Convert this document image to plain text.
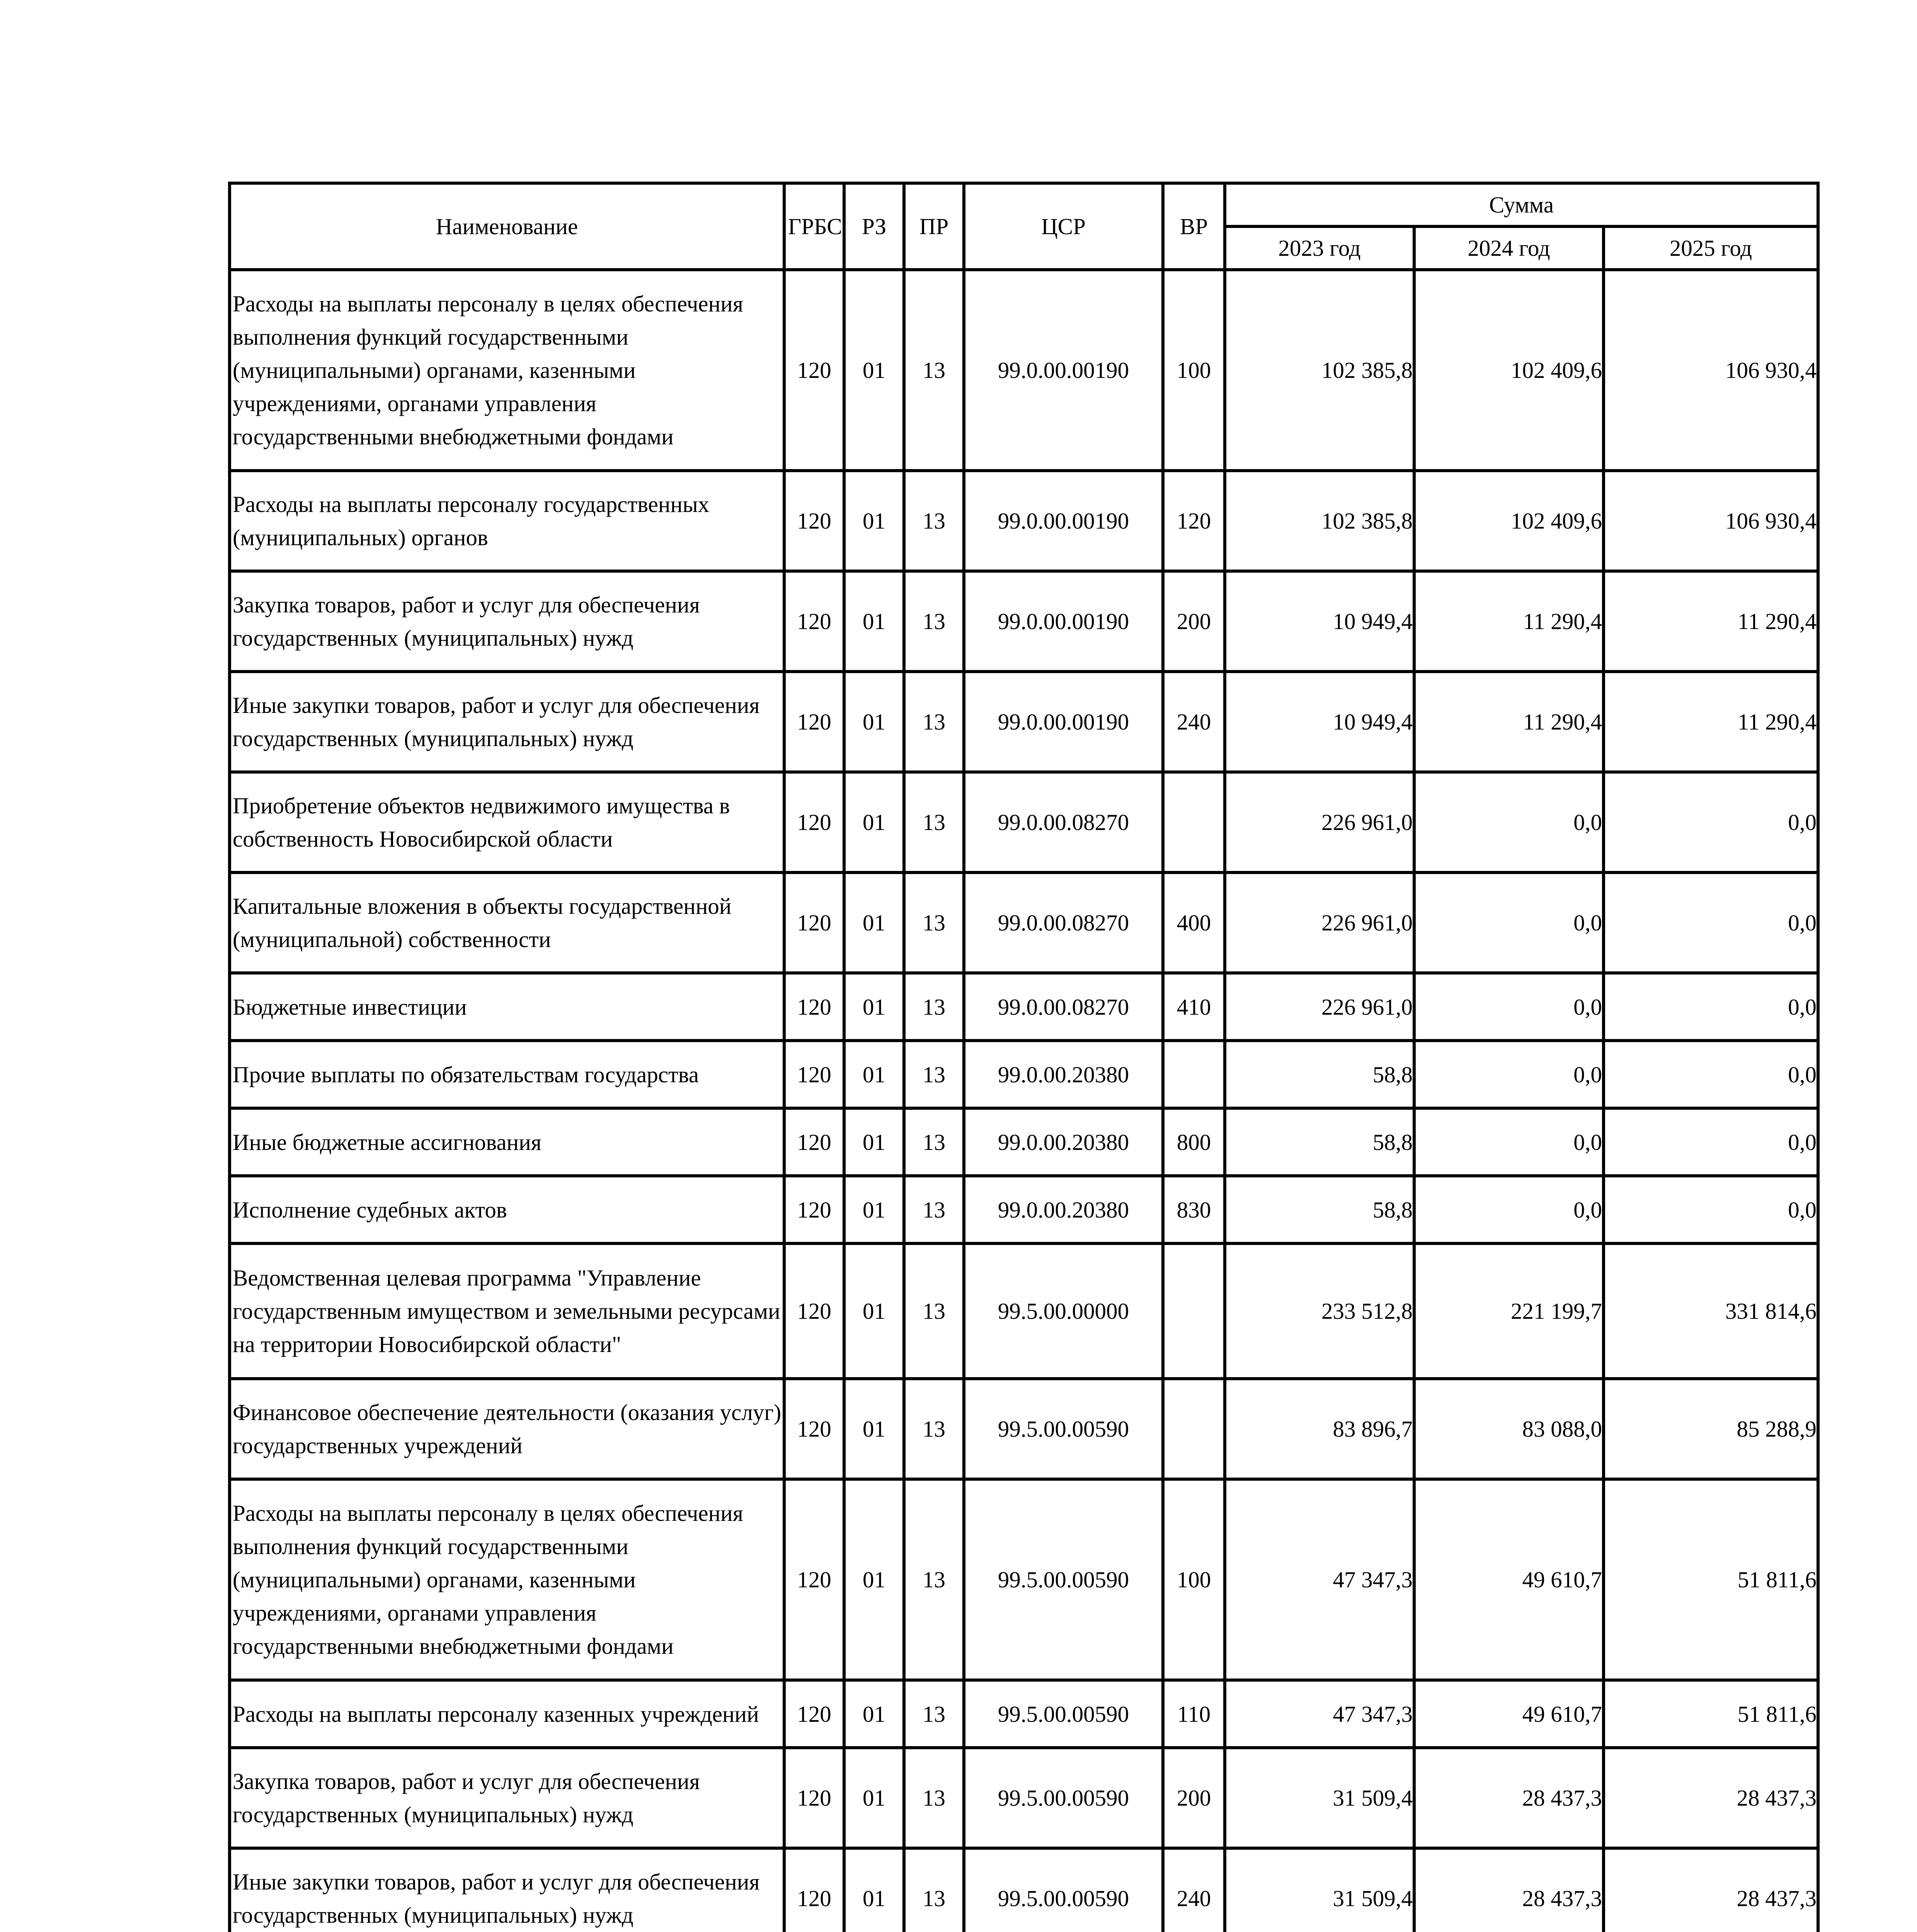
Наименование	ГРБС	РЗ	ПР	ЦСР	ВР	Сумма		
						2023 год	2024 год	2025 год
Расходы на выплаты персоналу в целях обеспечения выполнения функций государственными (муниципальными) органами, казенными учреждениями, органами управления государственными внебюджетными фондами	120	01	13	99.0.00.00190	100	102 385,8	102 409,6	106 930,4
Расходы на выплаты персоналу государственных (муниципальных) органов	120	01	13	99.0.00.00190	120	102 385,8	102 409,6	106 930,4
Закупка товаров, работ и услуг для обеспечения государственных (муниципальных) нужд	120	01	13	99.0.00.00190	200	10 949,4	11 290,4	11 290,4
Иные закупки товаров, работ и услуг для обеспечения государственных (муниципальных) нужд	120	01	13	99.0.00.00190	240	10 949,4	11 290,4	11 290,4
Приобретение объектов недвижимого имущества в собственность Новосибирской области	120	01	13	99.0.00.08270		226 961,0	0,0	0,0
Капитальные вложения в объекты государственной (муниципальной) собственности	120	01	13	99.0.00.08270	400	226 961,0	0,0	0,0
Бюджетные инвестиции	120	01	13	99.0.00.08270	410	226 961,0	0,0	0,0
Прочие выплаты по обязательствам государства	120	01	13	99.0.00.20380		58,8	0,0	0,0
Иные бюджетные ассигнования	120	01	13	99.0.00.20380	800	58,8	0,0	0,0
Исполнение судебных актов	120	01	13	99.0.00.20380	830	58,8	0,0	0,0
Ведомственная целевая программа "Управление государственным имуществом и земельными ресурсами на территории Новосибирской области"	120	01	13	99.5.00.00000		233 512,8	221 199,7	331 814,6
Финансовое обеспечение деятельности (оказания услуг) государственных учреждений	120	01	13	99.5.00.00590		83 896,7	83 088,0	85 288,9
Расходы на выплаты персоналу в целях обеспечения выполнения функций государственными (муниципальными) органами, казенными учреждениями, органами управления государственными внебюджетными фондами	120	01	13	99.5.00.00590	100	47 347,3	49 610,7	51 811,6
Расходы на выплаты персоналу казенных учреждений	120	01	13	99.5.00.00590	110	47 347,3	49 610,7	51 811,6
Закупка товаров, работ и услуг для обеспечения государственных (муниципальных) нужд	120	01	13	99.5.00.00590	200	31 509,4	28 437,3	28 437,3
Иные закупки товаров, работ и услуг для обеспечения государственных (муниципальных) нужд	120	01	13	99.5.00.00590	240	31 509,4	28 437,3	28 437,3
